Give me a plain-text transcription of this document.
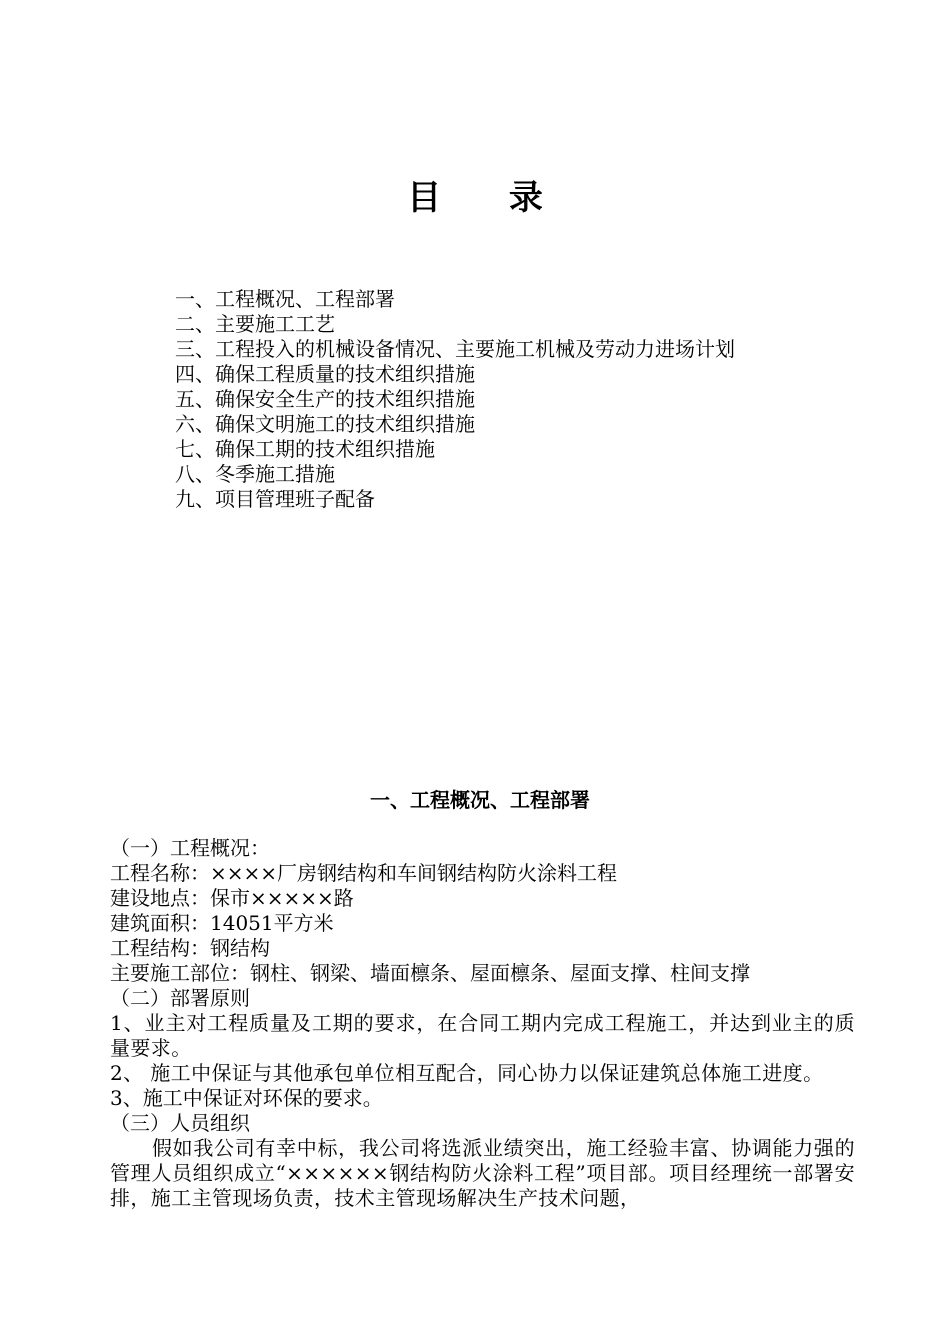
目 录
一、工程概况、工程部署
二、主要施工工艺
三、工程投入的机械设备情况、主要施工机械及劳动力进场计划
四、确保工程质量的技术组织措施
五、确保安全生产的技术组织措施
六、确保文明施工的技术组织措施
七、确保工期的技术组织措施
八、冬季施工措施
九、项目管理班子配备
一、工程概况、工程部署

（一）工程概况：

工程名称：××××厂房钢结构和车间钢结构防火涂料工程

建设地点：保市×××××路

建筑面积：14051平方米

工程结构：钢结构

主要施工部位：钢柱、钢梁、墙面檩条、屋面檩条、屋面支撑、柱间支撑

（二）部署原则

1、业主对工程质量及工期的要求，在合同工期内完成工程施工，并达到业主的质量要求。

2、 施工中保证与其他承包单位相互配合，同心协力以保证建筑总体施工进度。

3、施工中保证对环保的要求。

（三）人员组织

假如我公司有幸中标，我公司将选派业绩突出，施工经验丰富、协调能力强的管理人员组织成立“××××××钢结构防火涂料工程”项目部。项目经理统一部署安排，施工主管现场负责，技术主管现场解决生产技术问题，
